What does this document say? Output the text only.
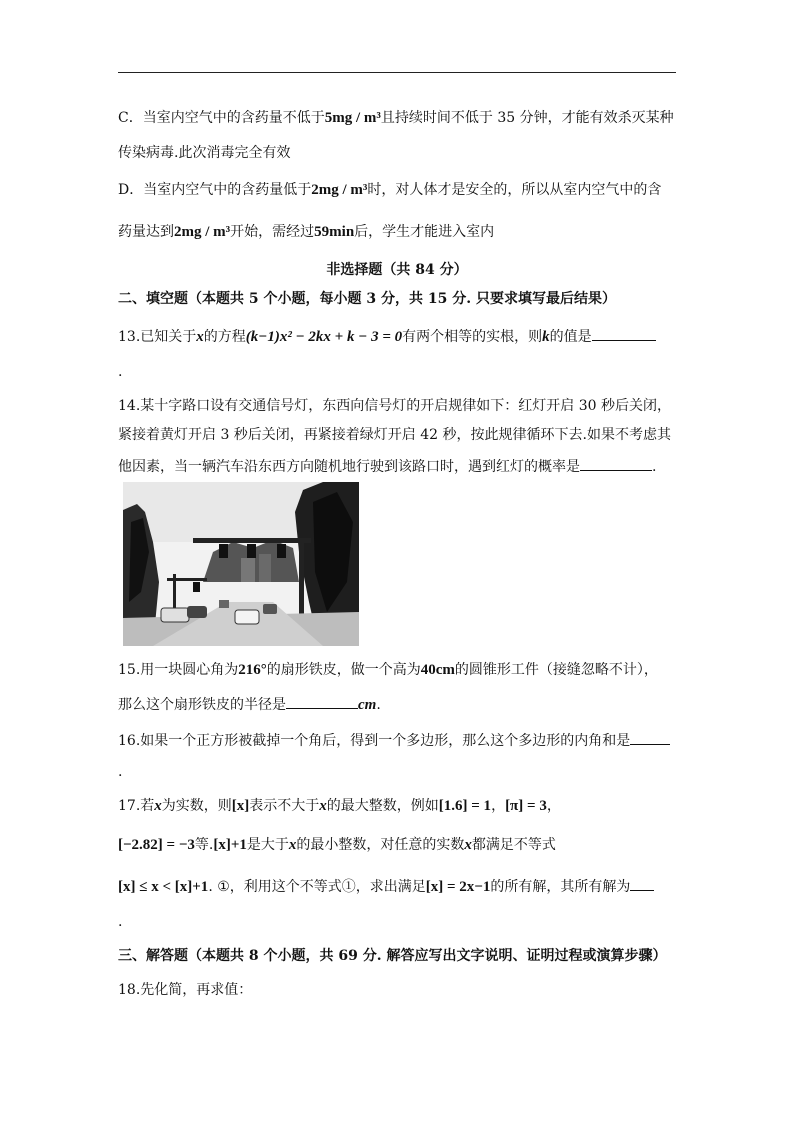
C．当室内空气中的含药量不低于5mg / m³且持续时间不低于 35 分钟，才能有效杀灭某种
传染病毒.此次消毒完全有效
D．当室内空气中的含药量低于2mg / m³时，对人体才是安全的，所以从室内空气中的含
药量达到2mg / m³开始，需经过59min后，学生才能进入室内
非选择题（共 84 分）
二、填空题（本题共 5 个小题，每小题 3 分，共 15 分. 只要求填写最后结果）
13.已知关于x的方程(k−1)x² − 2kx + k − 3 = 0有两个相等的实根，则k的值是
.
14.某十字路口设有交通信号灯，东西向信号灯的开启规律如下：红灯开启 30 秒后关闭，
紧接着黄灯开启 3 秒后关闭，再紧接着绿灯开启 42 秒，按此规律循环下去.如果不考虑其
他因素，当一辆汽车沿东西方向随机地行驶到该路口时，遇到红灯的概率是	.
15.用一块圆心角为216°的扇形铁皮，做一个高为40cm的圆锥形工件（接缝忽略不计），
那么这个扇形铁皮的半径是	cm.
16.如果一个正方形被截掉一个角后，得到一个多边形，那么这个多边形的内角和是
.
17.若x为实数，则[x]表示不大于x的最大整数，例如[1.6] = 1，[π] = 3，
[−2.82] = −3等.[x]+1是大于x的最小整数，对任意的实数x都满足不等式
[x] ≤ x < [x]+1. ①，利用这个不等式①，求出满足[x] = 2x−1的所有解，其所有解为
.
三、解答题（本题共 8 个小题，共 69 分. 解答应写出文字说明、证明过程或演算步骤）
18.先化简，再求值：
